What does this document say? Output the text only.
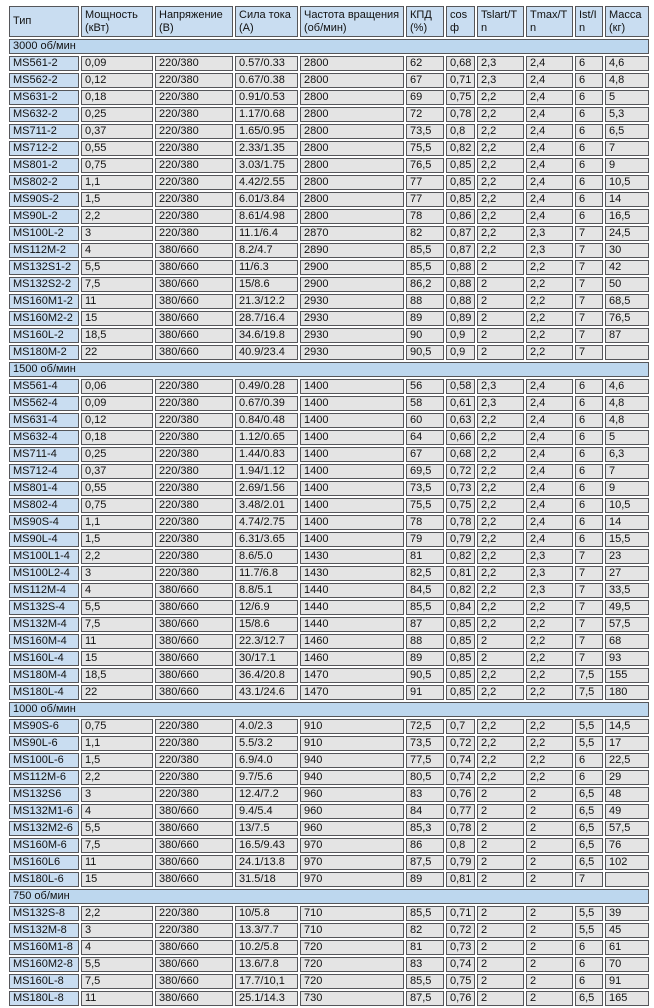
Тип	Мощность (кВт)	Напряжение (В)	Сила тока (А)	Частота вращения (об/мин)	КПД (%)	cosф	Tslart/Tn	Tmax/Tn	Ist/In	Масса (кг)
3000 об/мин										
MS561-2	0,09	220/380	0.57/0.33	2800	62	0,68	2,3	2,4	6	4,6
MS562-2	0,12	220/380	0.67/0.38	2800	67	0,71	2,3	2,4	6	4,8
MS631-2	0,18	220/380	0.91/0.53	2800	69	0,75	2,2	2,4	6	5
MS632-2	0,25	220/380	1.17/0.68	2800	72	0,78	2,2	2,4	6	5,3
MS711-2	0,37	220/380	1.65/0.95	2800	73,5	0,8	2,2	2,4	6	6,5
MS712-2	0,55	220/380	2.33/1.35	2800	75,5	0,82	2,2	2,4	6	7
MS801-2	0,75	220/380	3.03/1.75	2800	76,5	0,85	2,2	2,4	6	9
MS802-2	1,1	220/380	4.42/2.55	2800	77	0,85	2,2	2,4	6	10,5
MS90S-2	1,5	220/380	6.01/3.84	2800	77	0,85	2,2	2,4	6	14
MS90L-2	2,2	220/380	8.61/4.98	2800	78	0,86	2,2	2,4	6	16,5
MS100L-2	3	220/380	11.1/6.4	2870	82	0,87	2,2	2,3	7	24,5
MS112M-2	4	380/660	8.2/4.7	2890	85,5	0,87	2,2	2,3	7	30
MS132S1-2	5,5	380/660	11/6.3	2900	85,5	0,88	2	2,2	7	42
MS132S2-2	7,5	380/660	15/8.6	2900	86,2	0,88	2	2,2	7	50
MS160M1-2	11	380/660	21.3/12.2	2930	88	0,88	2	2,2	7	68,5
MS160M2-2	15	380/660	28.7/16.4	2930	89	0,89	2	2,2	7	76,5
MS160L-2	18,5	380/660	34.6/19.8	2930	90	0,9	2	2,2	7	87
MS180M-2	22	380/660	40.9/23.4	2930	90,5	0,9	2	2,2	7	
1500 об/мин										
MS561-4	0,06	220/380	0.49/0.28	1400	56	0,58	2,3	2,4	6	4,6
MS562-4	0,09	220/380	0.67/0.39	1400	58	0,61	2,3	2,4	6	4,8
MS631-4	0,12	220/380	0.84/0.48	1400	60	0,63	2,2	2,4	6	4,8
MS632-4	0,18	220/380	1.12/0.65	1400	64	0,66	2,2	2,4	6	5
MS711-4	0,25	220/380	1.44/0.83	1400	67	0,68	2,2	2,4	6	6,3
MS712-4	0,37	220/380	1.94/1.12	1400	69,5	0,72	2,2	2,4	6	7
MS801-4	0,55	220/380	2.69/1.56	1400	73,5	0,73	2,2	2,4	6	9
MS802-4	0,75	220/380	3.48/2.01	1400	75,5	0,75	2,2	2,4	6	10,5
MS90S-4	1,1	220/380	4.74/2.75	1400	78	0,78	2,2	2,4	6	14
MS90L-4	1,5	220/380	6.31/3.65	1400	79	0,79	2,2	2,4	6	15,5
MS100L1-4	2,2	220/380	8.6/5.0	1430	81	0,82	2,2	2,3	7	23
MS100L2-4	3	220/380	11.7/6.8	1430	82,5	0,81	2,2	2,3	7	27
MS112M-4	4	380/660	8.8/5.1	1440	84,5	0,82	2,2	2,3	7	33,5
MS132S-4	5,5	380/660	12/6.9	1440	85,5	0,84	2,2	2,2	7	49,5
MS132M-4	7,5	380/660	15/8.6	1440	87	0,85	2,2	2,2	7	57,5
MS160M-4	11	380/660	22.3/12.7	1460	88	0,85	2	2,2	7	68
MS160L-4	15	380/660	30/17.1	1460	89	0,85	2	2,2	7	93
MS180M-4	18,5	380/660	36.4/20.8	1470	90,5	0,85	2,2	2,2	7,5	155
MS180L-4	22	380/660	43.1/24.6	1470	91	0,85	2,2	2,2	7,5	180
1000 об/мин										
MS90S-6	0,75	220/380	4.0/2.3	910	72,5	0,7	2,2	2,2	5,5	14,5
MS90L-6	1,1	220/380	5.5/3.2	910	73,5	0,72	2,2	2,2	5,5	17
MS100L-6	1,5	220/380	6.9/4.0	940	77,5	0,74	2,2	2,2	6	22,5
MS112M-6	2,2	220/380	9.7/5.6	940	80,5	0,74	2,2	2,2	6	29
MS132S6	3	220/380	12.4/7.2	960	83	0,76	2	2	6,5	48
MS132M1-6	4	380/660	9.4/5.4	960	84	0,77	2	2	6,5	49
MS132M2-6	5,5	380/660	13/7.5	960	85,3	0,78	2	2	6,5	57,5
MS160M-6	7,5	380/660	16.5/9.43	970	86	0,8	2	2	6,5	76
MS160L6	11	380/660	24.1/13.8	970	87,5	0,79	2	2	6,5	102
MS180L-6	15	380/660	31.5/18	970	89	0,81	2	2	7	
750 об/мин										
MS132S-8	2,2	220/380	10/5.8	710	85,5	0,71	2	2	5,5	39
MS132M-8	3	220/380	13.3/7.7	710	82	0,72	2	2	5,5	45
MS160M1-8	4	380/660	10.2/5.8	720	81	0,73	2	2	6	61
MS160M2-8	5,5	380/660	13.6/7.8	720	83	0,74	2	2	6	70
MS160L-8	7,5	380/660	17.7/10,1	720	85,5	0,75	2	2	6	91
MS180L-8	11	380/660	25.1/14.3	730	87,5	0,76	2	2	6,5	165
